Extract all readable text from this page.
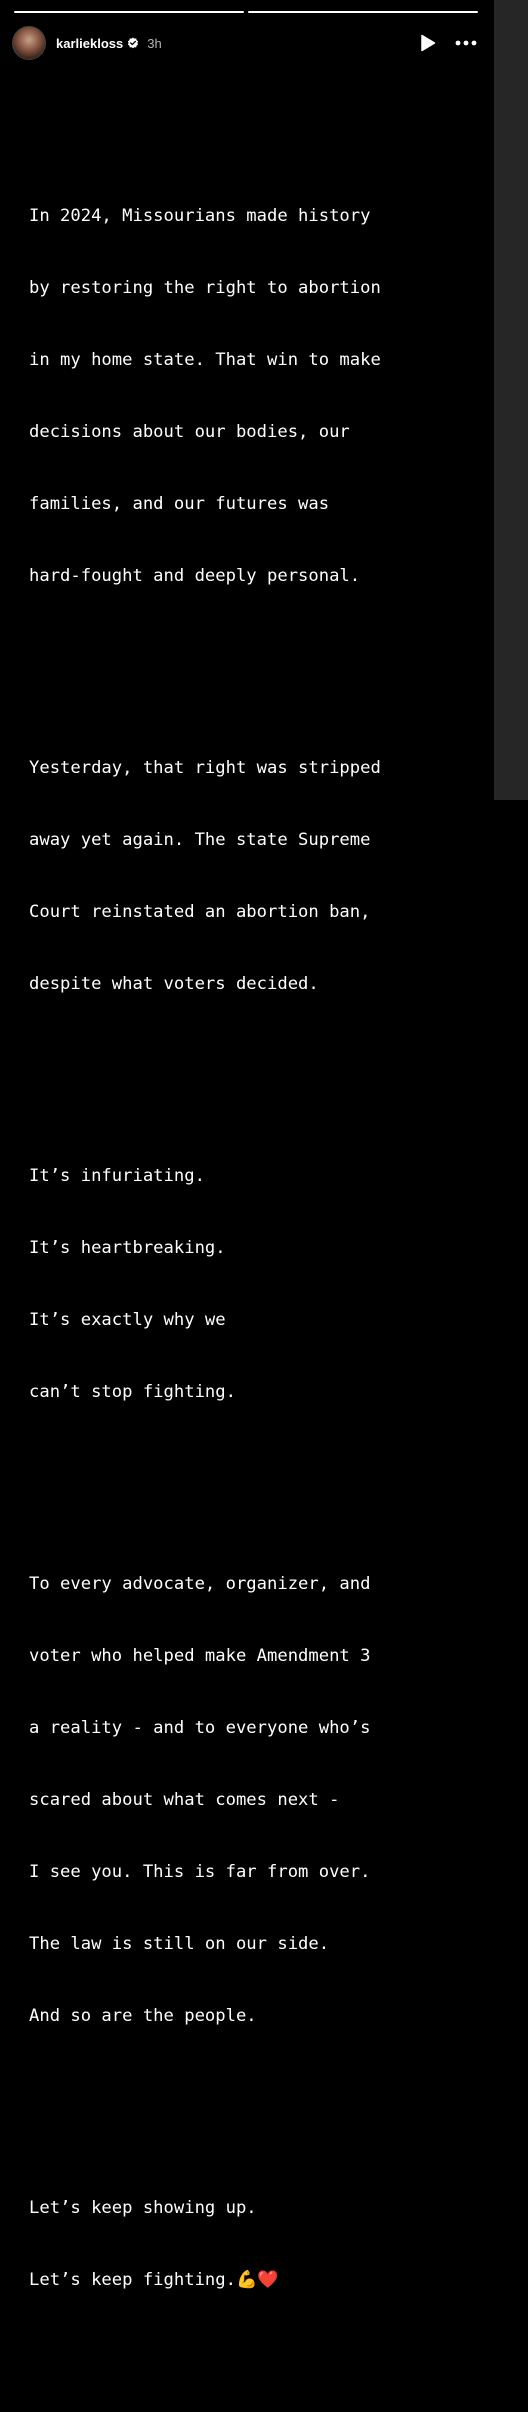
karliekloss 3h

In 2024, Missourians made history

by restoring the right to abortion

in my home state. That win to make

decisions about our bodies, our

families, and our futures was

hard-fought and deeply personal.

Yesterday, that right was stripped

away yet again. The state Supreme

Court reinstated an abortion ban,

despite what voters decided.

It’s infuriating.

It’s heartbreaking.

It’s exactly why we

can’t stop fighting.

To every advocate, organizer, and

voter who helped make Amendment 3

a reality - and to everyone who’s

scared about what comes next -

I see you. This is far from over.

The law is still on our side.

And so are the people.

Let’s keep showing up.

Let’s keep fighting.💪❤️
